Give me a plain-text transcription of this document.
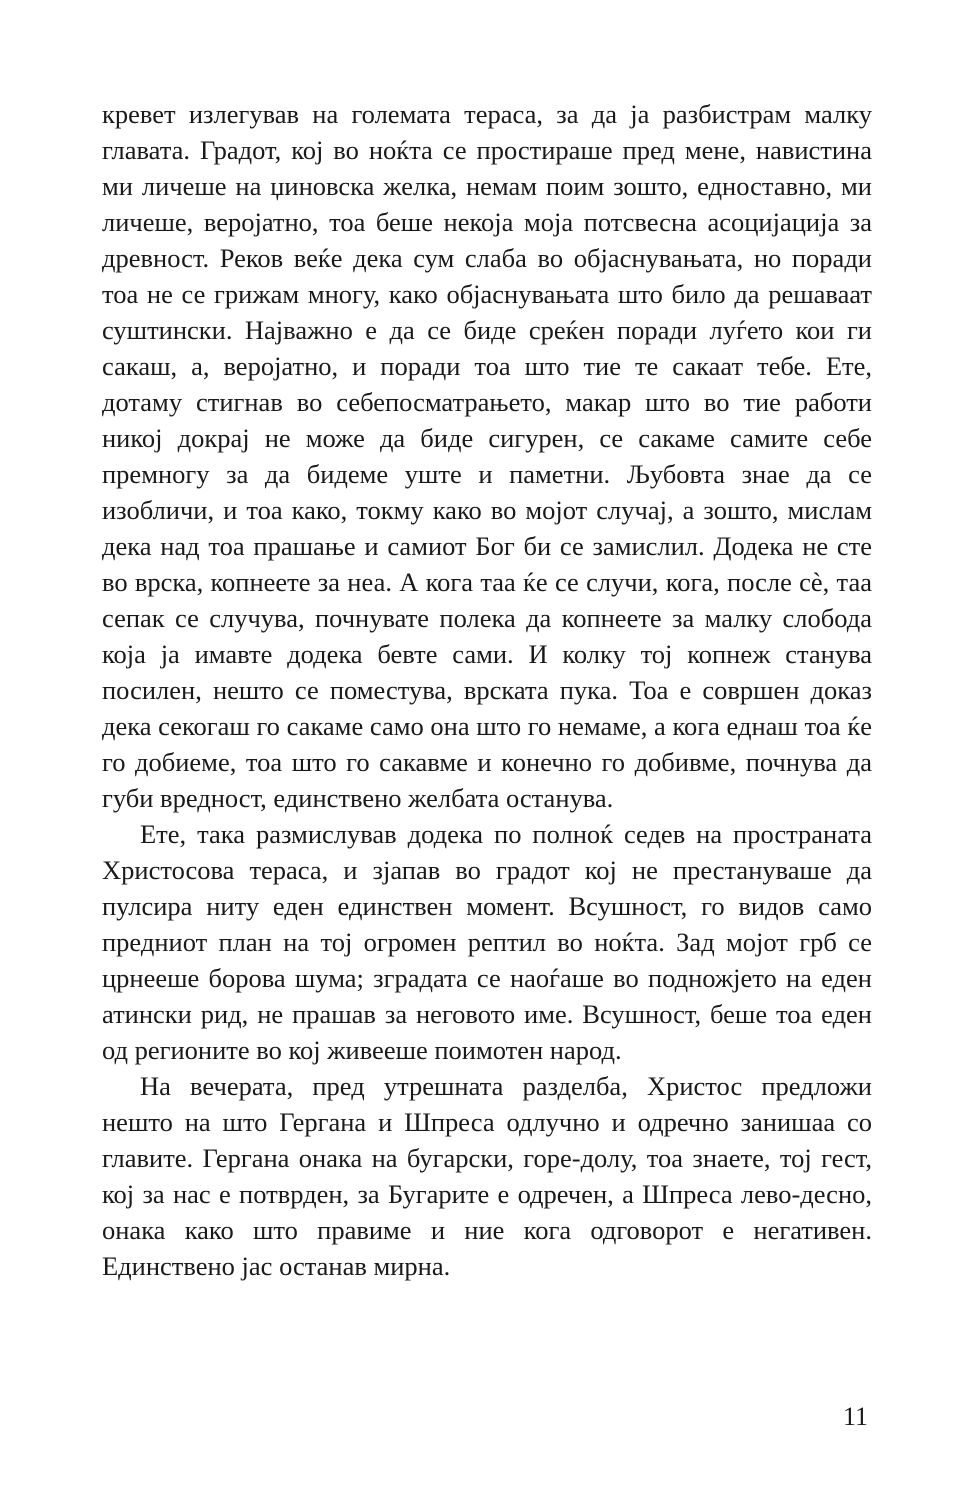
кревет излегував на големата тераса, за да ја разбистрам малку главата. Градот, кој во ноќта се простираше пред мене, навистина ми личеше на џиновска желка, немам поим зошто, едноставно, ми личеше, веројатно, тоа беше некоја моја потсвесна асоцијација за древност. Реков веќе дека сум слаба во објаснувањата, но поради тоа не се грижам многу, како објаснувањата што било да решаваат суштински. Најважно е да се биде среќен поради луѓето кои ги сакаш, а, веројатно, и поради тоа што тие те сакаат тебе. Ете, дотаму стигнав во себепосматрањето, макар што во тие работи никој докрај не може да биде сигурен, се сакаме самите себе премногу за да бидеме уште и паметни. Љубовта знае да се изобличи, и тоа како, токму како во мојот случај, а зошто, мислам дека над тоа прашање и самиот Бог би се замислил. Додека не сте во врска, копнеете за неа. А кога таа ќе се случи, кога, после сè, таа сепак се случува, почнувате полека да копнеете за малку слобода која ја имавте додека бевте сами. И колку тој копнеж станува посилен, нешто се поместува, врската пука. Тоа е совршен доказ дека секогаш го сакаме само она што го немаме, а кога еднаш тоа ќе го добиеме, тоа што го сакавме и конечно го добивме, почнува да губи вредност, единствено желбата останува.

Ете, така размислував додека по полноќ седев на пространата Христосова тераса, и зјапав во градот кој не престануваше да пулсира ниту еден единствен момент. Всушност, го видов само предниот план на тој огромен рептил во ноќта. Зад мојот грб се црнееше борова шума; зградата се наоѓаше во подножјето на еден атински рид, не прашав за неговото име. Всушност, беше тоа еден од регионите во кој живееше поимотен народ.

На вечерата, пред утрешната разделба, Христос предложи нешто на што Гергана и Шпреса одлучно и одречно занишаа со главите. Гергана онака на бугарски, горе-долу, тоа знаете, тој гест, кој за нас е потврден, за Бугарите е одречен, а Шпреса лево-десно, онака како што правиме и ние кога одговорот е негативен. Единствено јас останав мирна.

11
